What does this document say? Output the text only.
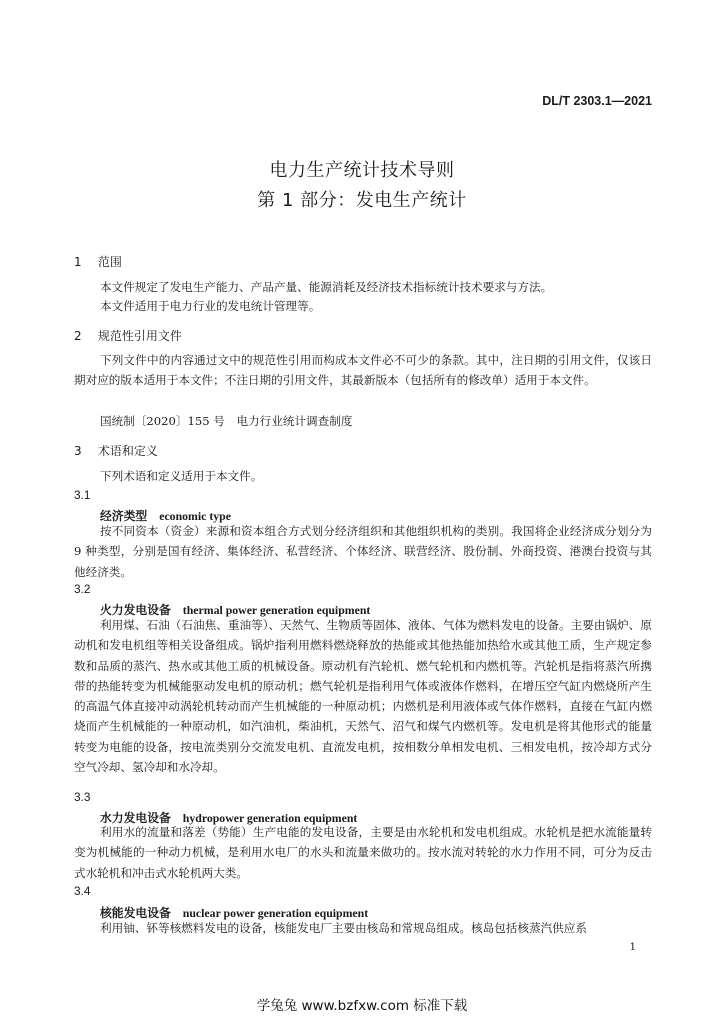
DL/T 2303.1—2021
电力生产统计技术导则
第 1 部分：发电生产统计
1 范围
本文件规定了发电生产能力、产品产量、能源消耗及经济技术指标统计技术要求与方法。
本文件适用于电力行业的发电统计管理等。
2 规范性引用文件

下列文件中的内容通过文中的规范性引用而构成本文件必不可少的条款。其中，注日期的引用文件，仅该日期对应的版本适用于本文件；不注日期的引用文件，其最新版本（包括所有的修改单）适用于本文件。

国统制〔2020〕155 号　电力行业统计调查制度
3 术语和定义
下列术语和定义适用于本文件。
3.1
经济类型 economic type

按不同资本（资金）来源和资本组合方式划分经济组织和其他组织机构的类别。我国将企业经济成分划分为 9 种类型，分别是国有经济、集体经济、私营经济、个体经济、联营经济、股份制、外商投资、港澳台投资与其他经济类。

3.2
火力发电设备 thermal power generation equipment

利用煤、石油（石油焦、重油等）、天然气、生物质等固体、液体、气体为燃料发电的设备。主要由锅炉、原动机和发电机组等相关设备组成。锅炉指利用燃料燃烧释放的热能或其他热能加热给水或其他工质，生产规定参数和品质的蒸汽、热水或其他工质的机械设备。原动机有汽轮机、燃气轮机和内燃机等。汽轮机是指将蒸汽所携带的热能转变为机械能驱动发电机的原动机；燃气轮机是指利用气体或液体作燃料，在增压空气缸内燃烧所产生的高温气体直接冲动涡轮机转动而产生机械能的一种原动机；内燃机是利用液体或气体作燃料，直接在气缸内燃烧而产生机械能的一种原动机，如汽油机，柴油机，天然气、沼气和煤气内燃机等。发电机是将其他形式的能量转变为电能的设备，按电流类别分交流发电机、直流发电机，按相数分单相发电机、三相发电机，按冷却方式分空气冷却、氢冷却和水冷却。

3.3
水力发电设备 hydropower generation equipment

利用水的流量和落差（势能）生产电能的发电设备，主要是由水轮机和发电机组成。水轮机是把水流能量转变为机械能的一种动力机械，是利用水电厂的水头和流量来做功的。按水流对转轮的水力作用不同，可分为反击式水轮机和冲击式水轮机两大类。

3.4
核能发电设备 nuclear power generation equipment

利用铀、钚等核燃料发电的设备，核能发电厂主要由核岛和常规岛组成。核岛包括核蒸汽供应系

1
学兔兔 www.bzfxw.com 标准下载
